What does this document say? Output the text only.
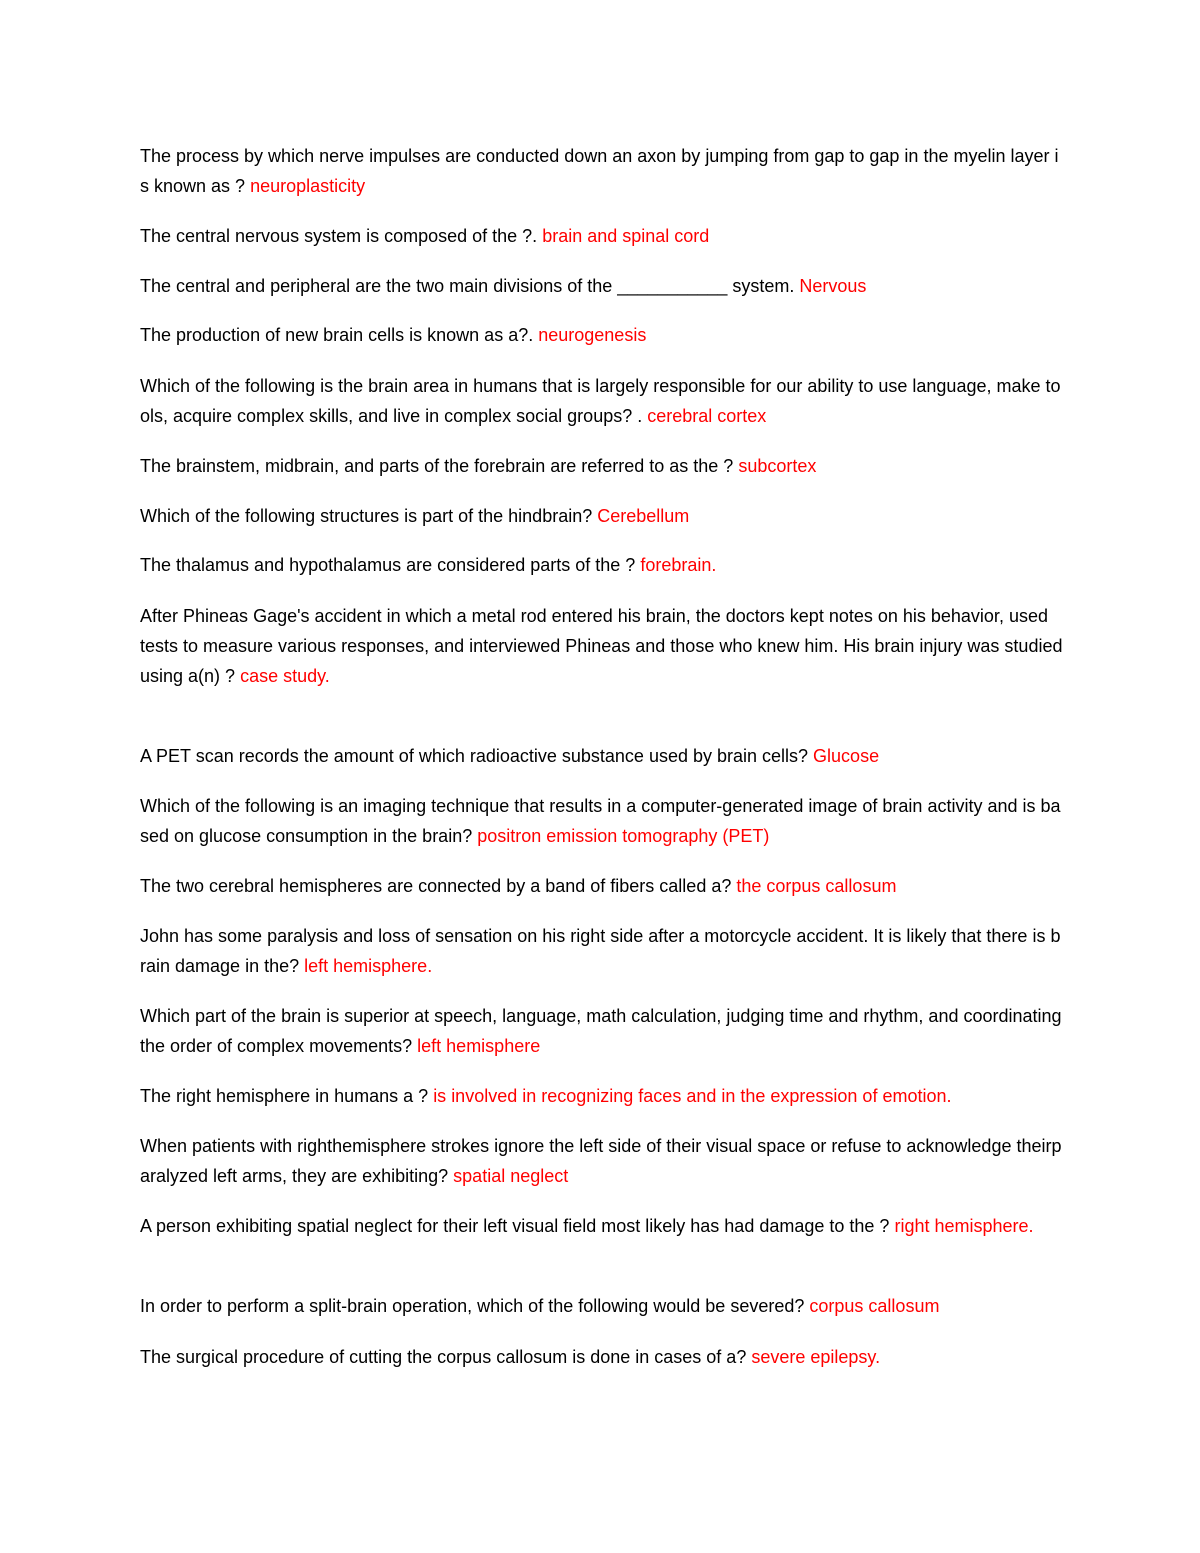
The process by which nerve impulses are conducted down an axon by jumping from gap to gap in the myelin layer is known as ? neuroplasticity

The central nervous system is composed of the ?. brain and spinal cord

The central and peripheral are the two main divisions of the ___________ system. Nervous

The production of new brain cells is known as a?. neurogenesis

Which of the following is the brain area in humans that is largely responsible for our ability to use language, make tools, acquire complex skills, and live in complex social groups? . cerebral cortex

The brainstem, midbrain, and parts of the forebrain are referred to as the ? subcortex

Which of the following structures is part of the hindbrain? Cerebellum

The thalamus and hypothalamus are considered parts of the ? forebrain.

After Phineas Gage's accident in which a metal rod entered his brain, the doctors kept notes on his behavior, used
tests to measure various responses, and interviewed Phineas and those who knew him. His brain injury was studied using a(n) ? case study.

A PET scan records the amount of which radioactive substance used by brain cells? Glucose

Which of the following is an imaging technique that results in a computer-generated image of brain activity and is based on glucose consumption in the brain? positron emission tomography (PET)

The two cerebral hemispheres are connected by a band of fibers called a? the corpus callosum

John has some paralysis and loss of sensation on his right side after a motorcycle accident. It is likely that there is brain damage in the? left hemisphere.

Which part of the brain is superior at speech, language, math calculation, judging time and rhythm, and coordinating the order of complex movements? left hemisphere

The right hemisphere in humans a ? is involved in recognizing faces and in the expression of emotion.

When patients with righthemisphere strokes ignore the left side of their visual space or refuse to acknowledge theirparalyzed left arms, they are exhibiting? spatial neglect

A person exhibiting spatial neglect for their left visual field most likely has had damage to the ? right hemisphere.

In order to perform a split-brain operation, which of the following would be severed? corpus callosum

The surgical procedure of cutting the corpus callosum is done in cases of a? severe epilepsy.
